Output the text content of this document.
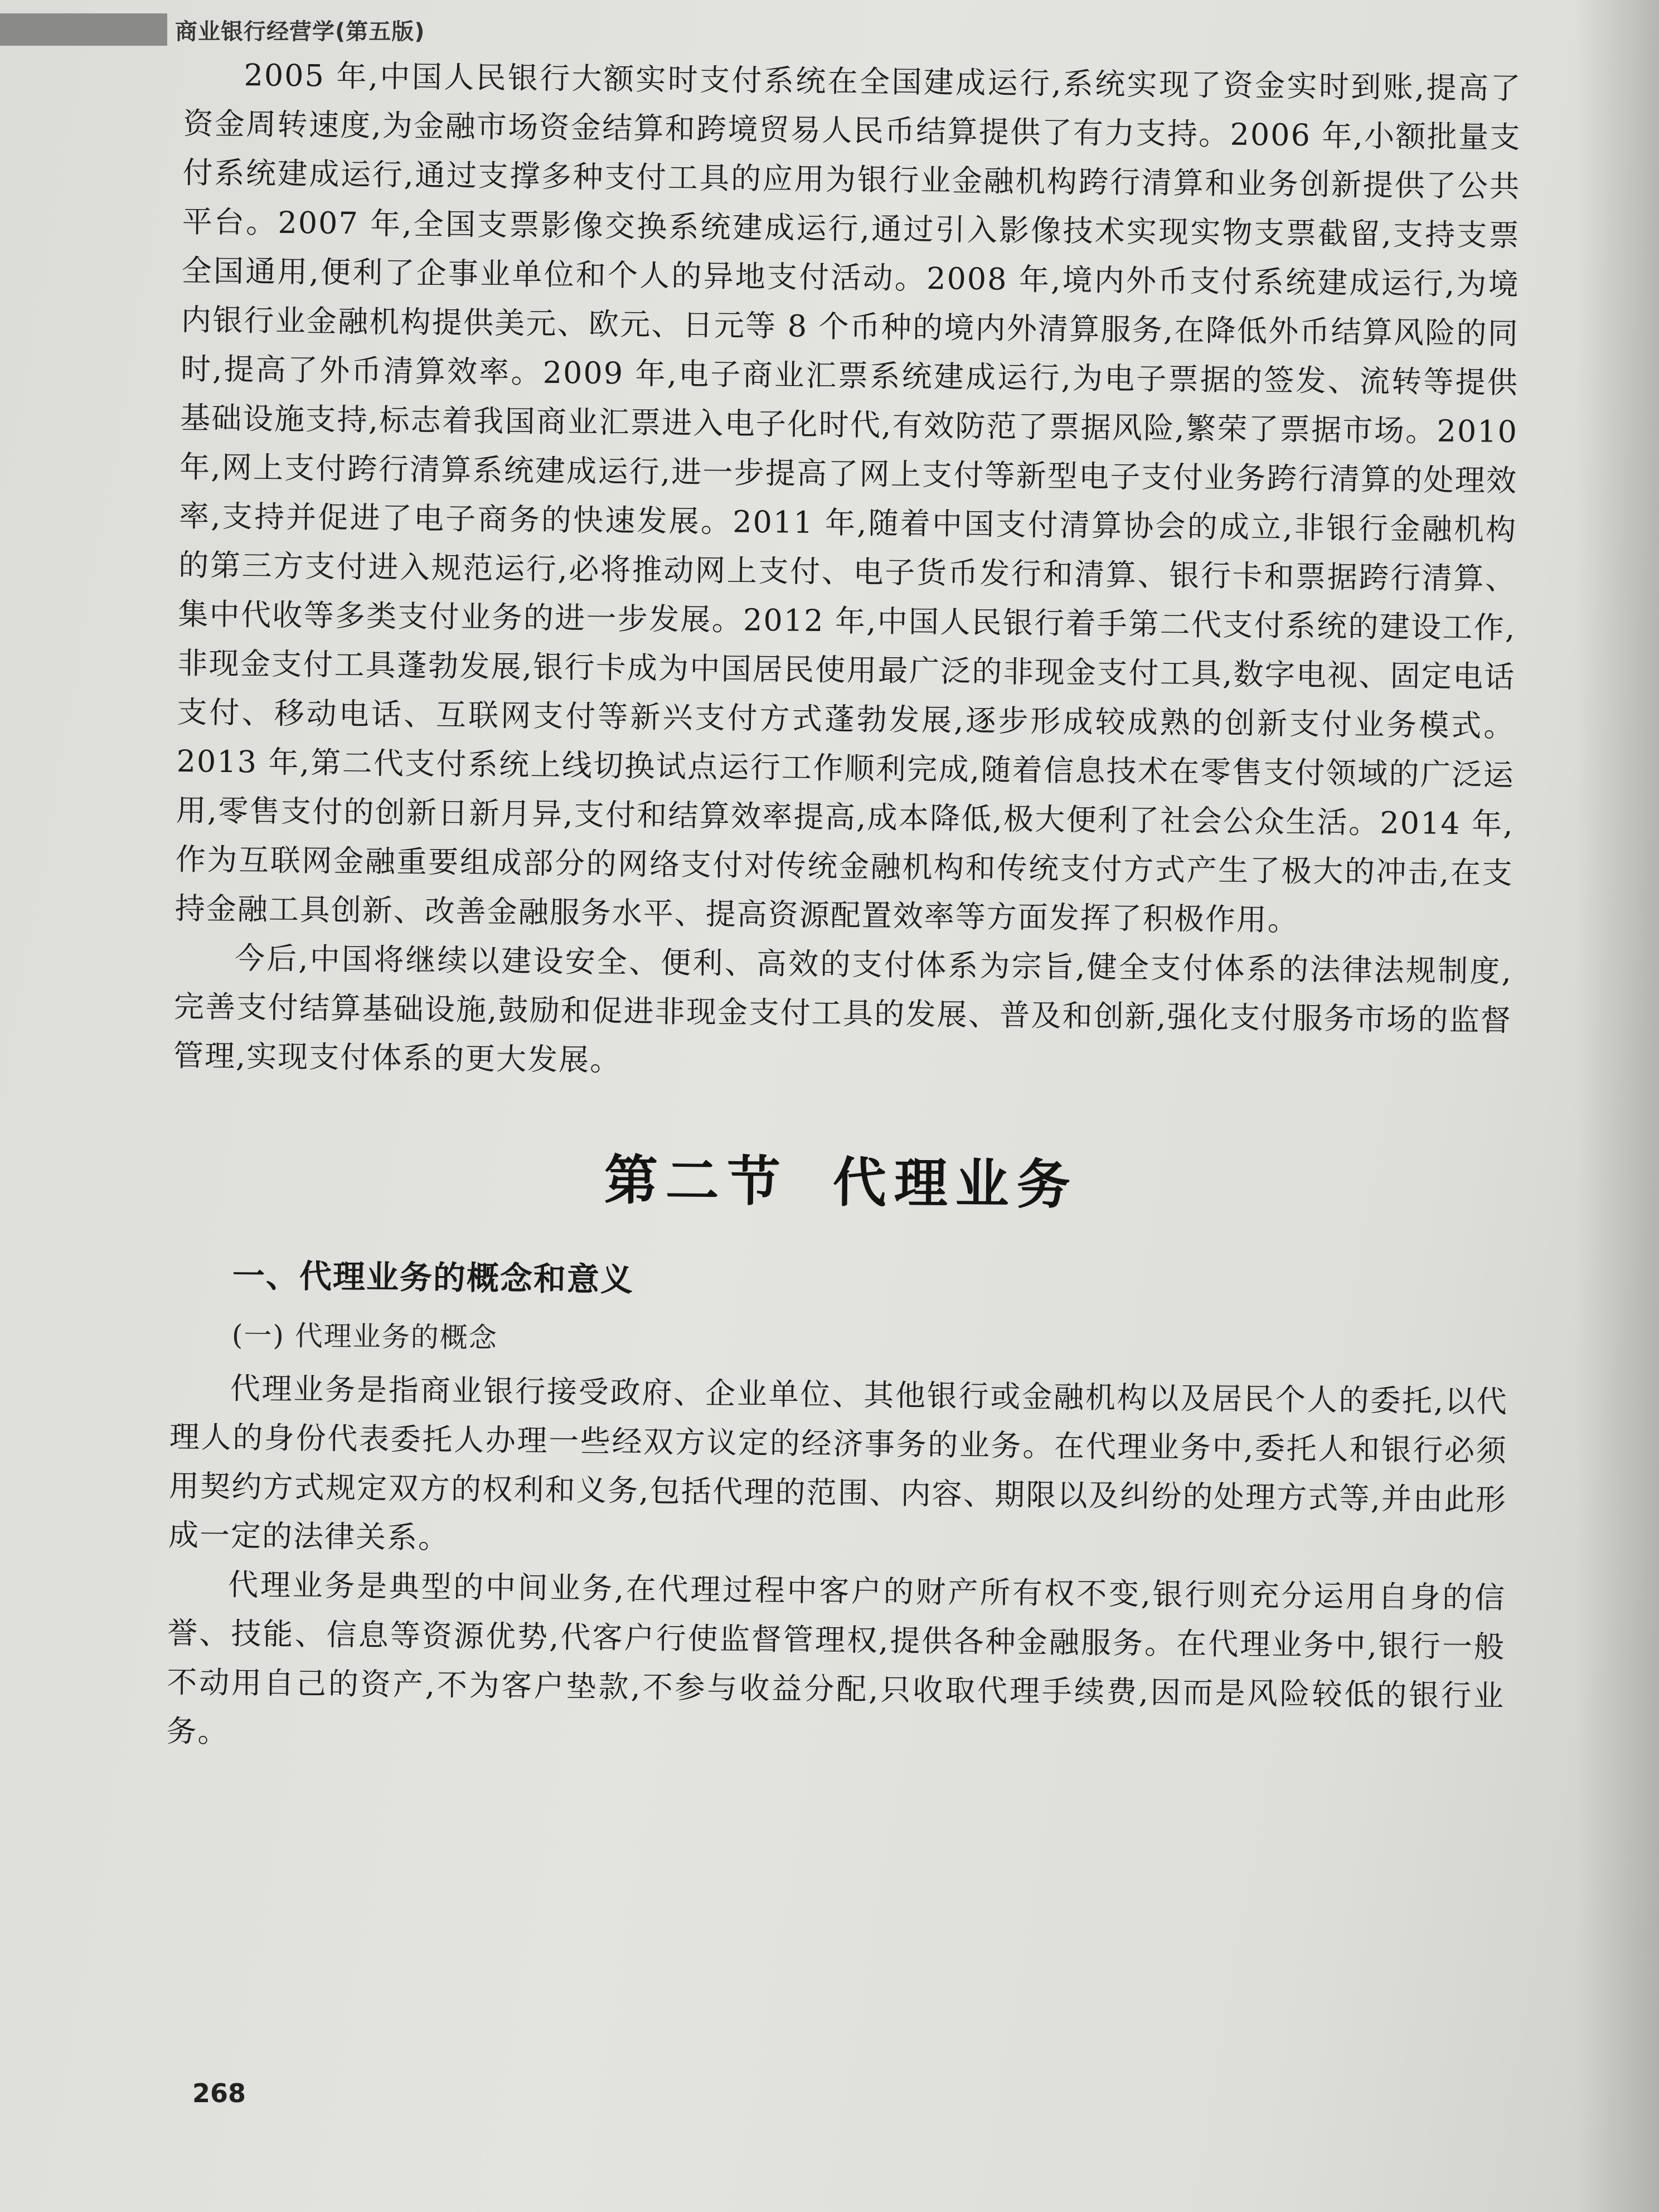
商业银行经营学(第五版)

2005 年,中国人民银行大额实时支付系统在全国建成运行,系统实现了资金实时到账,提高了资金周转速度,为金融市场资金结算和跨境贸易人民币结算提供了有力支持。2006 年,小额批量支付系统建成运行,通过支撑多种支付工具的应用为银行业金融机构跨行清算和业务创新提供了公共平台。2007 年,全国支票影像交换系统建成运行,通过引入影像技术实现实物支票截留,支持支票全国通用,便利了企事业单位和个人的异地支付活动。2008 年,境内外币支付系统建成运行,为境内银行业金融机构提供美元、欧元、日元等 8 个币种的境内外清算服务,在降低外币结算风险的同时,提高了外币清算效率。2009 年,电子商业汇票系统建成运行,为电子票据的签发、流转等提供基础设施支持,标志着我国商业汇票进入电子化时代,有效防范了票据风险,繁荣了票据市场。2010 年,网上支付跨行清算系统建成运行,进一步提高了网上支付等新型电子支付业务跨行清算的处理效率,支持并促进了电子商务的快速发展。2011 年,随着中国支付清算协会的成立,非银行金融机构的第三方支付进入规范运行,必将推动网上支付、电子货币发行和清算、银行卡和票据跨行清算、集中代收等多类支付业务的进一步发展。2012 年,中国人民银行着手第二代支付系统的建设工作,非现金支付工具蓬勃发展,银行卡成为中国居民使用最广泛的非现金支付工具,数字电视、固定电话支付、移动电话、互联网支付等新兴支付方式蓬勃发展,逐步形成较成熟的创新支付业务模式。2013 年,第二代支付系统上线切换试点运行工作顺利完成,随着信息技术在零售支付领域的广泛运用,零售支付的创新日新月异,支付和结算效率提高,成本降低,极大便利了社会公众生活。2014 年,作为互联网金融重要组成部分的网络支付对传统金融机构和传统支付方式产生了极大的冲击,在支持金融工具创新、改善金融服务水平、提高资源配置效率等方面发挥了积极作用。

今后,中国将继续以建设安全、便利、高效的支付体系为宗旨,健全支付体系的法律法规制度,完善支付结算基础设施,鼓励和促进非现金支付工具的发展、普及和创新,强化支付服务市场的监督管理,实现支付体系的更大发展。

第二节 代理业务
一、代理业务的概念和意义
(一) 代理业务的概念

代理业务是指商业银行接受政府、企业单位、其他银行或金融机构以及居民个人的委托,以代理人的身份代表委托人办理一些经双方议定的经济事务的业务。在代理业务中,委托人和银行必须用契约方式规定双方的权利和义务,包括代理的范围、内容、期限以及纠纷的处理方式等,并由此形成一定的法律关系。

代理业务是典型的中间业务,在代理过程中客户的财产所有权不变,银行则充分运用自身的信誉、技能、信息等资源优势,代客户行使监督管理权,提供各种金融服务。在代理业务中,银行一般不动用自己的资产,不为客户垫款,不参与收益分配,只收取代理手续费,因而是风险较低的银行业务。

268
